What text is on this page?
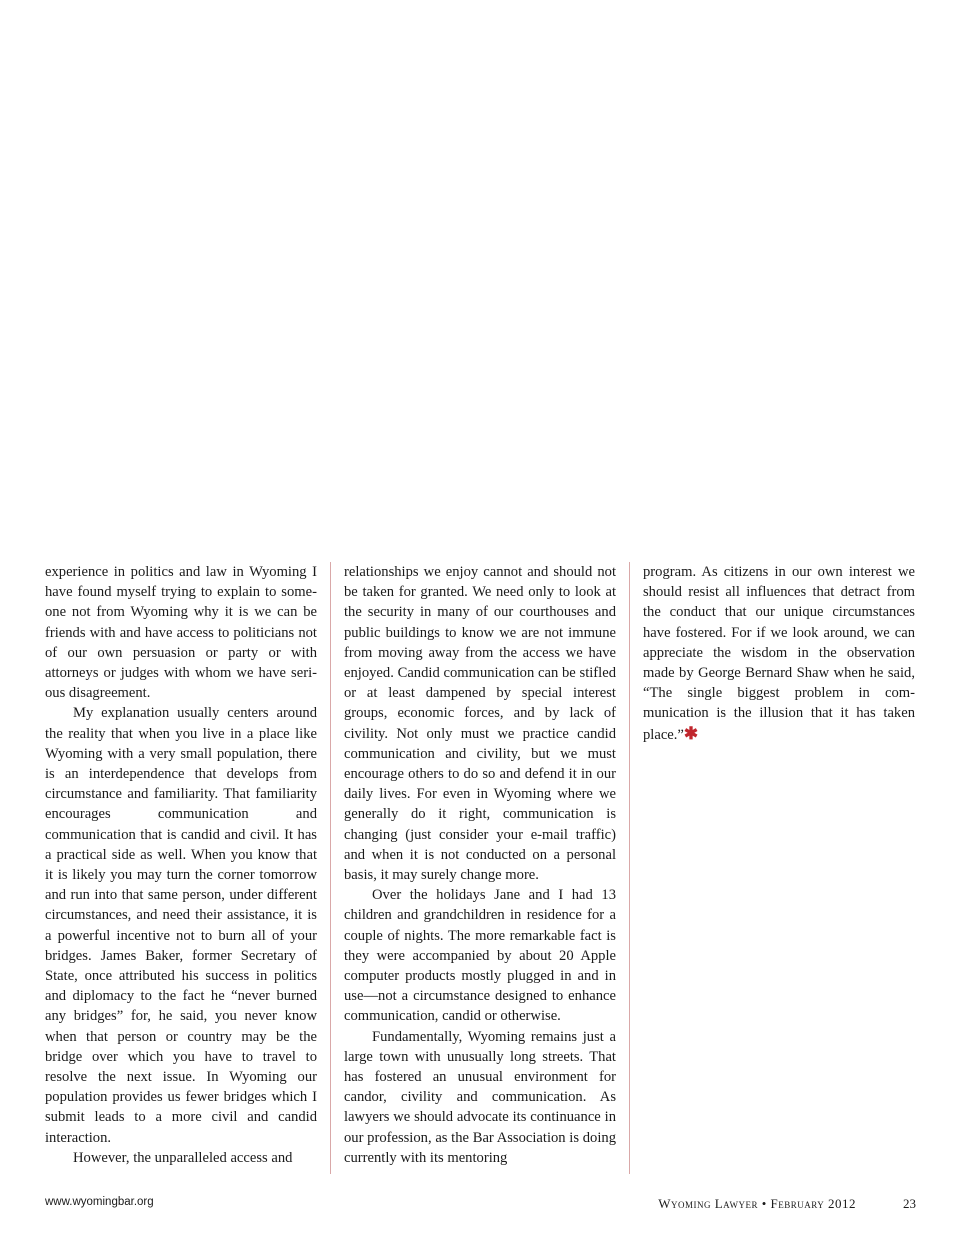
experience in politics and law in Wyoming I have found myself trying to explain to someone not from Wyoming why it is we can be friends with and have access to politicians not of our own persuasion or party or with attorneys or judges with whom we have serious disagreement.

My explanation usually centers around the reality that when you live in a place like Wyoming with a very small population, there is an interdependence that develops from circumstance and familiarity. That familiarity encourages communication and communication that is candid and civil. It has a practical side as well. When you know that it is likely you may turn the corner tomorrow and run into that same person, under different circumstances, and need their assistance, it is a powerful incentive not to burn all of your bridges. James Baker, former Secretary of State, once attributed his success in politics and diplomacy to the fact he “never burned any bridges” for, he said, you never know when that person or country may be the bridge over which you have to travel to resolve the next issue. In Wyoming our population provides us fewer bridges which I submit leads to a more civil and candid interaction.

However, the unparalleled access and

relationships we enjoy cannot and should not be taken for granted. We need only to look at the security in many of our courthouses and public buildings to know we are not immune from moving away from the access we have enjoyed. Candid communication can be stifled or at least dampened by special interest groups, economic forces, and by lack of civility. Not only must we practice candid communication and civility, but we must encourage others to do so and defend it in our daily lives. For even in Wyoming where we generally do it right, communication is changing (just consider your e-mail traffic) and when it is not conducted on a personal basis, it may surely change more.

Over the holidays Jane and I had 13 children and grandchildren in residence for a couple of nights. The more remarkable fact is they were accompanied by about 20 Apple computer products mostly plugged in and in use—not a circumstance designed to enhance communication, candid or otherwise.

Fundamentally, Wyoming remains just a large town with unusually long streets. That has fostered an unusual environment for candor, civility and communication. As lawyers we should advocate its continuance in our profession, as the Bar Association is doing currently with its mentoring

program. As citizens in our own interest we should resist all influences that detract from the conduct that our unique circumstances have fostered. For if we look around, we can appreciate the wisdom in the observation made by George Bernard Shaw when he said, “The single biggest problem in communication is the illusion that it has taken place.”✱

www.wyomingbar.org	Wyoming Lawyer • February 2012	23
